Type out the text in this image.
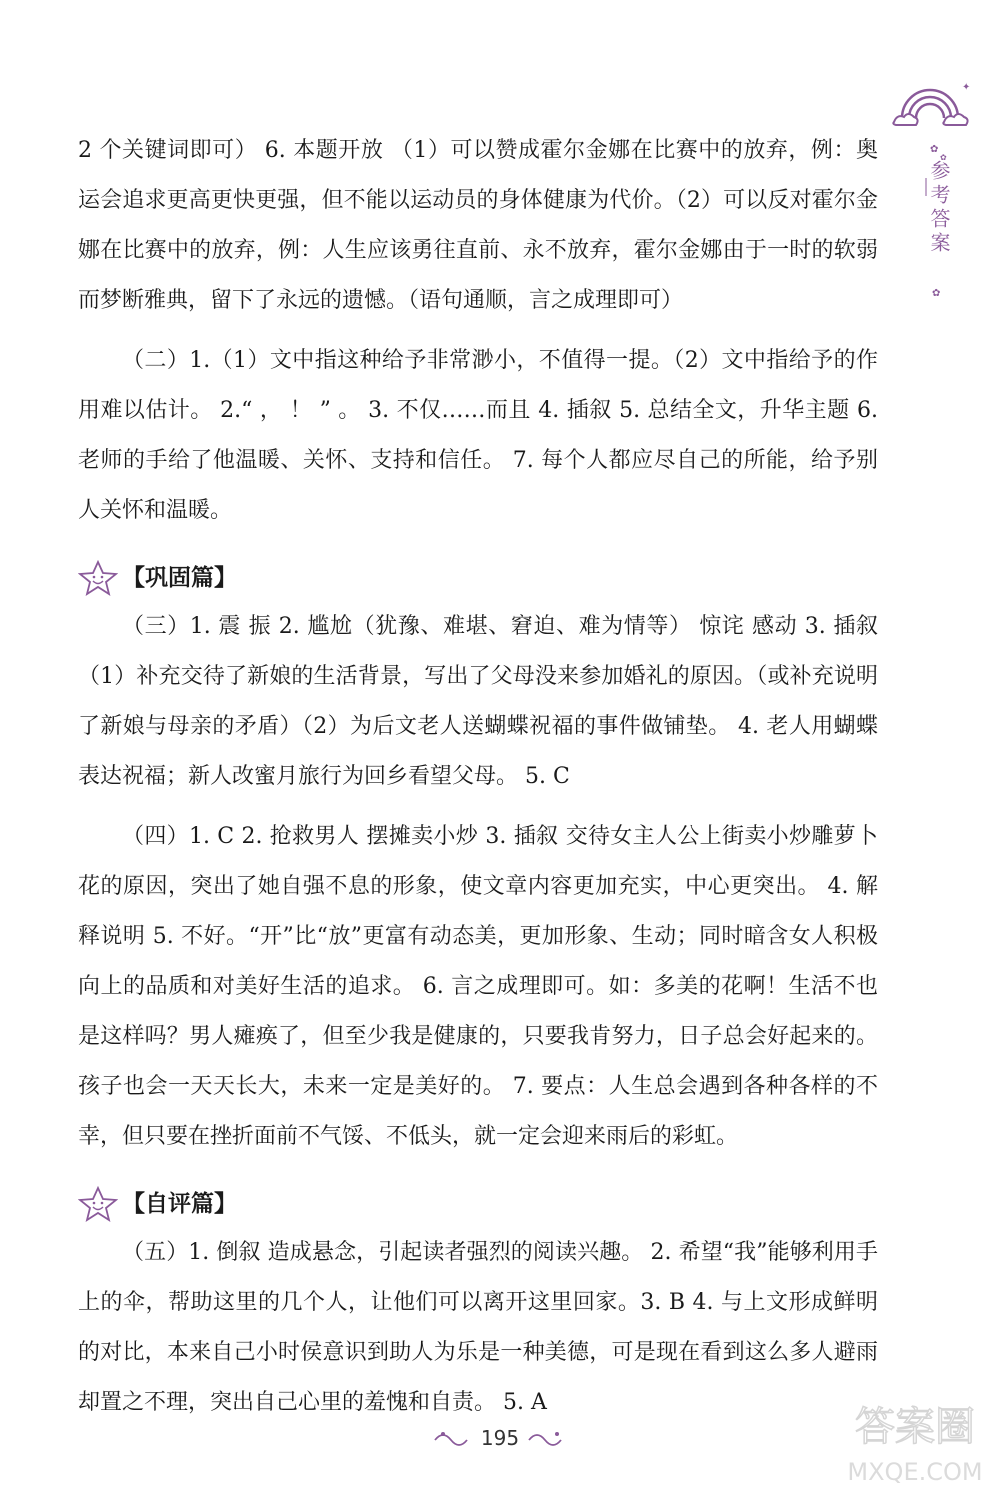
✦
✿
✿
✿
参考答案

2 个关键词即可） 6. 本题开放 （1）可以赞成霍尔金娜在比赛中的放弃，例：奥运会追求更高更快更强，但不能以运动员的身体健康为代价。（2）可以反对霍尔金娜在比赛中的放弃，例：人生应该勇往直前、永不放弃，霍尔金娜由于一时的软弱而梦断雅典，留下了永远的遗憾。（语句通顺，言之成理即可）

（二）1.（1）文中指这种给予非常渺小，不值得一提。（2）文中指给予的作用难以估计。 2.“ ， ！ ” 。 3. 不仅……而且 4. 插叙 5. 总结全文，升华主题 6. 老师的手给了他温暖、关怀、支持和信任。 7. 每个人都应尽自己的所能，给予别人关怀和温暖。

【巩固篇】

（三）1. 震 振 2. 尴尬（犹豫、难堪、窘迫、难为情等） 惊诧 感动 3. 插叙 （1）补充交待了新娘的生活背景，写出了父母没来参加婚礼的原因。（或补充说明了新娘与母亲的矛盾）（2）为后文老人送蝴蝶祝福的事件做铺垫。 4. 老人用蝴蝶表达祝福；新人改蜜月旅行为回乡看望父母。 5. C

（四）1. C 2. 抢救男人 摆摊卖小炒 3. 插叙 交待女主人公上街卖小炒雕萝卜花的原因，突出了她自强不息的形象，使文章内容更加充实，中心更突出。 4. 解释说明 5. 不好。“开”比“放”更富有动态美，更加形象、生动；同时暗含女人积极向上的品质和对美好生活的追求。 6. 言之成理即可。如：多美的花啊！生活不也是这样吗？男人瘫痪了，但至少我是健康的，只要我肯努力，日子总会好起来的。孩子也会一天天长大，未来一定是美好的。 7. 要点：人生总会遇到各种各样的不幸，但只要在挫折面前不气馁、不低头，就一定会迎来雨后的彩虹。

【自评篇】

（五）1. 倒叙 造成悬念，引起读者强烈的阅读兴趣。 2. 希望“我”能够利用手上的伞，帮助这里的几个人，让他们可以离开这里回家。3. B 4. 与上文形成鲜明的对比，本来自己小时侯意识到助人为乐是一种美德，可是现在看到这么多人避雨却置之不理，突出自己心里的羞愧和自责。 5. A

195	答案圈
MXQE.COM
